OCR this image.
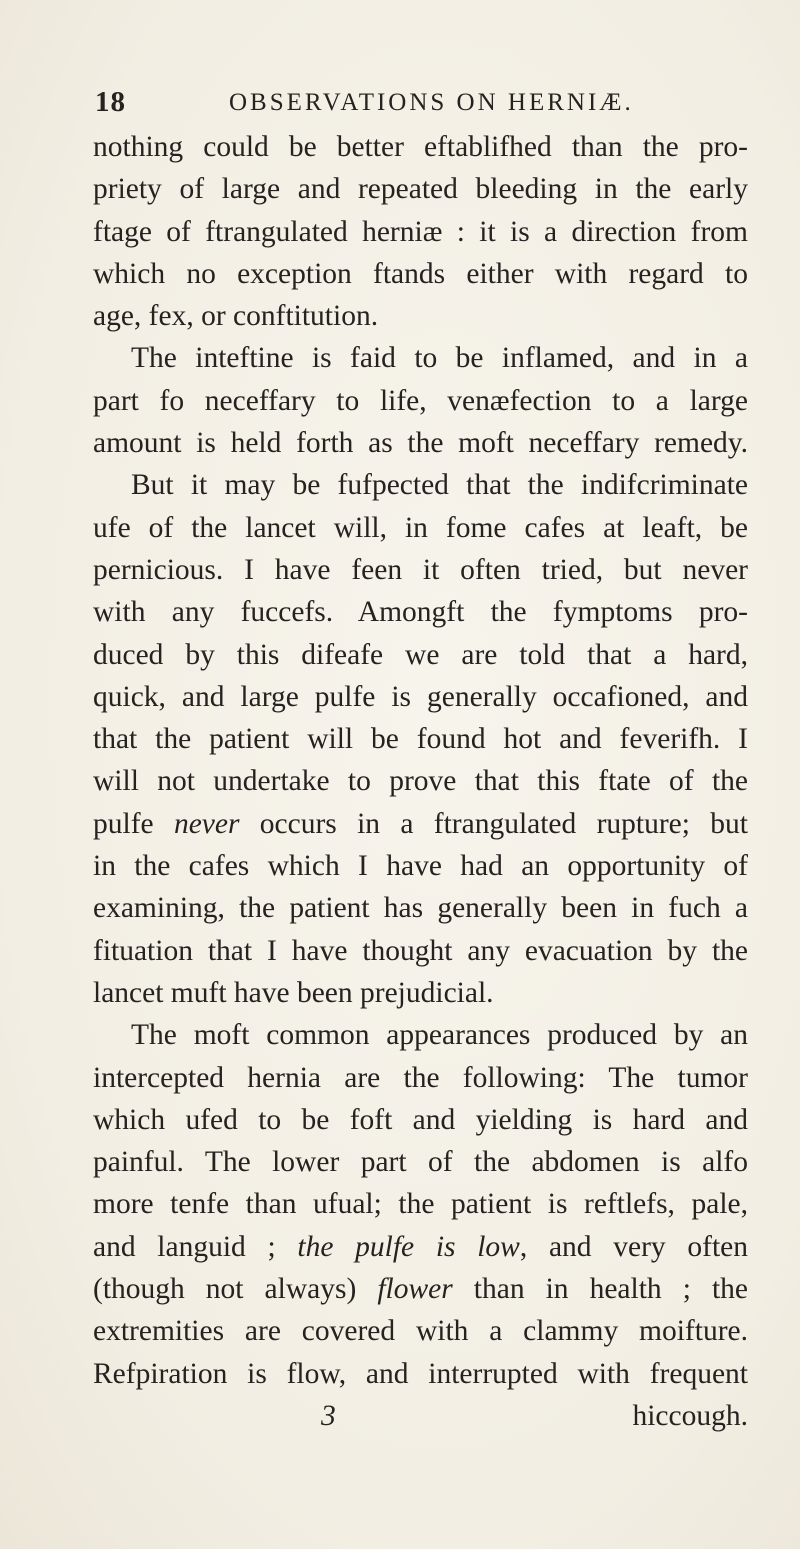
18	OBSERVATIONS ON HERNIÆ.
nothing could be better eftablifhed than the pro-
priety of large and repeated bleeding in the early
ftage of ftrangulated herniæ : it is a direction from
which no exception ftands either with regard to
age, fex, or conftitution.
The inteftine is faid to be inflamed, and in a
part fo neceffary to life, venæfection to a large
amount is held forth as the moft neceffary remedy.
But it may be fufpected that the indifcriminate
ufe of the lancet will, in fome cafes at leaft, be
pernicious. I have feen it often tried, but never
with any fuccefs. Amongft the fymptoms pro-
duced by this difeafe we are told that a hard,
quick, and large pulfe is generally occafioned, and
that the patient will be found hot and feverifh. I
will not undertake to prove that this ftate of the
pulfe never occurs in a ftrangulated rupture; but
in the cafes which I have had an opportunity of
examining, the patient has generally been in fuch a
fituation that I have thought any evacuation by the
lancet muft have been prejudicial.
The moft common appearances produced by an
intercepted hernia are the following: The tumor
which ufed to be foft and yielding is hard and
painful. The lower part of the abdomen is alfo
more tenfe than ufual; the patient is reftlefs, pale,
and languid ; the pulfe is low, and very often
(though not always) flower than in health ; the
extremities are covered with a clammy moifture.
Refpiration is flow, and interrupted with frequent
3	hiccough.
